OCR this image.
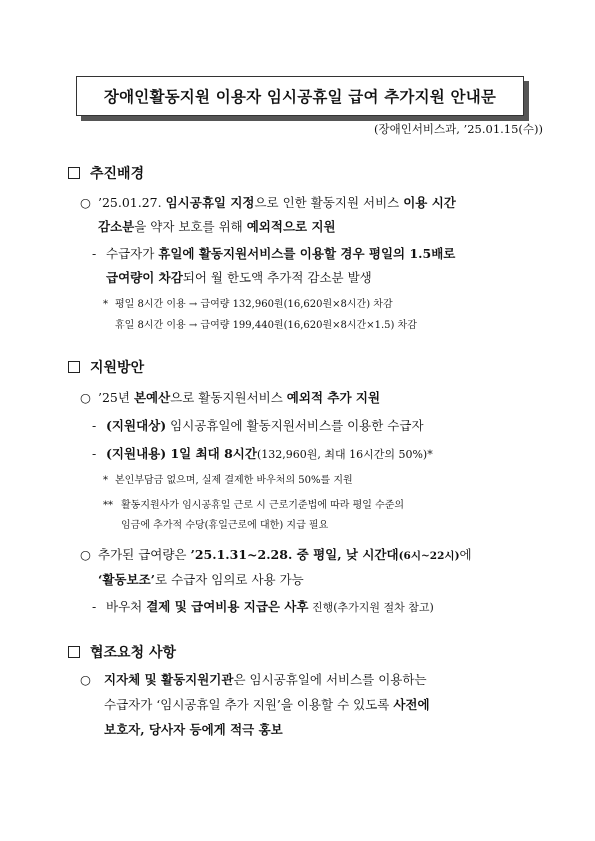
장애인활동지원 이용자 임시공휴일 급여 추가지원 안내문
(장애인서비스과, ’25.01.15(수))
추진배경
지원방안
협조요청 사항
○ ’25.01.27. 임시공휴일 지정으로 인한 활동지원 서비스 이용 시간
감소분을 약자 보호를 위해 예외적으로 지원
- 수급자가 휴일에 활동지원서비스를 이용할 경우 평일의 1.5배로
급여량이 차감되어 월 한도액 추가적 감소분 발생
* 평일 8시간 이용 → 급여량 132,960원(16,620원×8시간) 차감
휴일 8시간 이용 → 급여량 199,440원(16,620원×8시간×1.5) 차감
○ ’25년 본예산으로 활동지원서비스 예외적 추가 지원
- (지원대상) 임시공휴일에 활동지원서비스를 이용한 수급자
- (지원내용) 1일 최대 8시간(132,960원, 최대 16시간의 50%)*
* 본인부담금 없으며, 실제 결제한 바우처의 50%를 지원
** 활동지원사가 임시공휴일 근로 시 근로기준법에 따라 평일 수준의
임금에 추가적 수당(휴일근로에 대한) 지급 필요
○ 추가된 급여량은 ’25.1.31~2.28. 중 평일, 낮 시간대(6시~22시)에
‘활동보조’로 수급자 임의로 사용 가능
- 바우처 결제 및 급여비용 지급은 사후 진행(추가지원 절차 참고)
○ 지자체 및 활동지원기관은 임시공휴일에 서비스를 이용하는
수급자가 ‘임시공휴일 추가 지원’을 이용할 수 있도록 사전에
보호자, 당사자 등에게 적극 홍보
